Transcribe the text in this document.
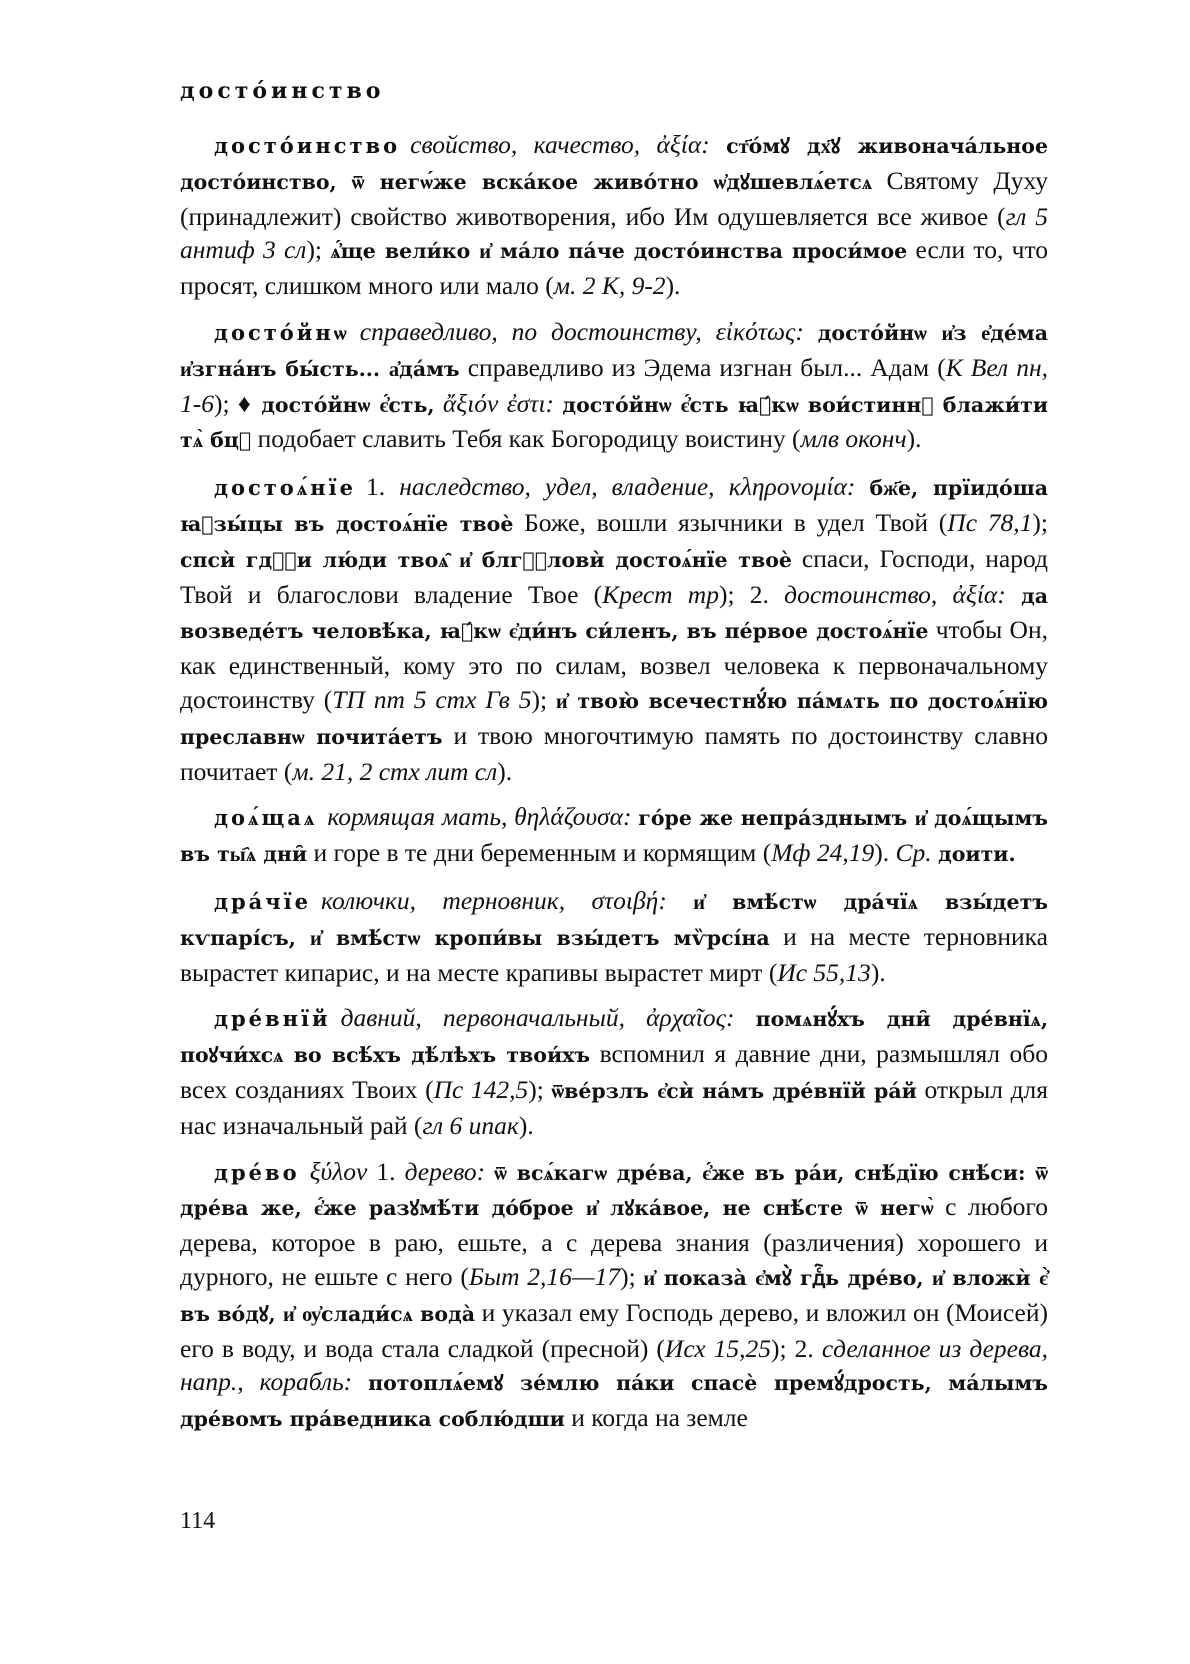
достóинство

достóинство свойство, качество, ἀξία: ст҃óмꙋ дх҃ꙋ живоначáльное достóинство, ѿ негѡ́же вскáкое живóтно ѡ҆дꙋшевлѧ́етсѧ Святому Духу (принадлежит) свойство животворения, ибо Им одушевляется все живое (гл 5 антиф 3 сл); ѧ҆́ще вели́ко и҆ мáло пáче достóинства проси́мое если то, что просят, слишком много или мало (м. 2 К, 9-2).

достóйнѡ справедливо, по достоинству, εἰκότως: достóйнѡ и҆з е҆дéма и҆згнáнъ бы́сть... а҆дáмъ справедливо из Эдема изгнан был... Адам (К Вел пн, 1-6); ♦ достóйнѡ є҆́сть, ἄξιόν ἐστι: достóйнѡ є҆́сть ꙗ҆́кѡ вои́стиннꙋ блажи́ти тѧ̀ бцꙋ подобает славить Тебя как Богородицу воистину (млв оконч).

достоѧ́нїе 1. наследство, удел, владение, κληρονομία: бж҃е, прїидóша ꙗ҆зы́цы въ достоѧ́нїе твоѐ Боже, вошли язычники в удел Твой (Пс 78,1); спсѝ гдⷭ҇и лю́ди твоѧ̑ и҆ блгⷭ҇ловѝ достоѧ́нїе твоѐ спаси, Господи, народ Твой и благослови владение Твое (Крест тр); 2. достоинство, ἀξία: да возведе́тъ человѣ́ка, ꙗ҆́кѡ є҆ди́нъ си́ленъ, въ пе́рвое достоѧ́нїе чтобы Он, как единственный, кому это по силам, возвел человека к первоначальному достоинству (ТП пт 5 стх Гв 5); и҆ твою̀ всечестнꙋ́ю пáмѧть по достоѧ́нїю преславнѡ почитáетъ и твою многочтимую память по достоинству славно почитает (м. 21, 2 стх лит сл).

доѧ́щаѧ кормящая мать, θηλάζουσα: го́ре же непрáзднымъ и҆ доѧ́щымъ въ ты҄ѧ дни̑ и горе в те дни беременным и кормящим (Мф 24,19). Ср. доити.

дрáчїе колючки, терновник, στοιβή: и҆ вмѣ́стѡ дрáчїѧ взы́детъ кѵпарі́съ, и҆ вмѣ́стѡ кропи́вы взы́детъ мѷрсі́на и на месте терновника вырастет кипарис, и на месте крапивы вырастет мирт (Ис 55,13).

дре́внїй давний, первоначальный, ἀρχαῖος: помѧнꙋ́хъ дни̑ дре́внїѧ, поꙋчи́хсѧ во всѣ́хъ дѣ́лѣхъ твои́хъ вспомнил я давние дни, размышлял обо всех созданиях Твоих (Пс 142,5); ѿве́рзлъ є҆сѝ нáмъ дре́внїй рáй открыл для нас изначальный рай (гл 6 ипак).

дре́во ξύλον 1. дерево: ѿ всѧ́кагѡ дре́ва, є҆́же въ рáи, снѣ́дїю снѣ́си: ѿ дре́ва же, є҆́же разꙋмѣ́ти до́брое и҆ лꙋкáвое, не снѣ́сте ѿ негѡ̀ с любого дерева, которое в раю, ешьте, а с дерева знания (различения) хорошего и дурного, не ешьте с него (Быт 2,16—17); и҆ показà є҆мꙋ̀ гдⷭ҇ь дре́во, и҆ вложѝ є҆̀ въ во́дꙋ, и҆ ѹ҆слади́сѧ водà и указал ему Господь дерево, и вложил он (Моисей) его в воду, и вода стала сладкой (пресной) (Исх 15,25); 2. сделанное из дерева, напр., корабль: потоплѧ́емꙋ зе́млю пáки спасѐ премꙋ́дрость, мáлымъ дре́вомъ прáведника соблю́дши и когда на земле

114
